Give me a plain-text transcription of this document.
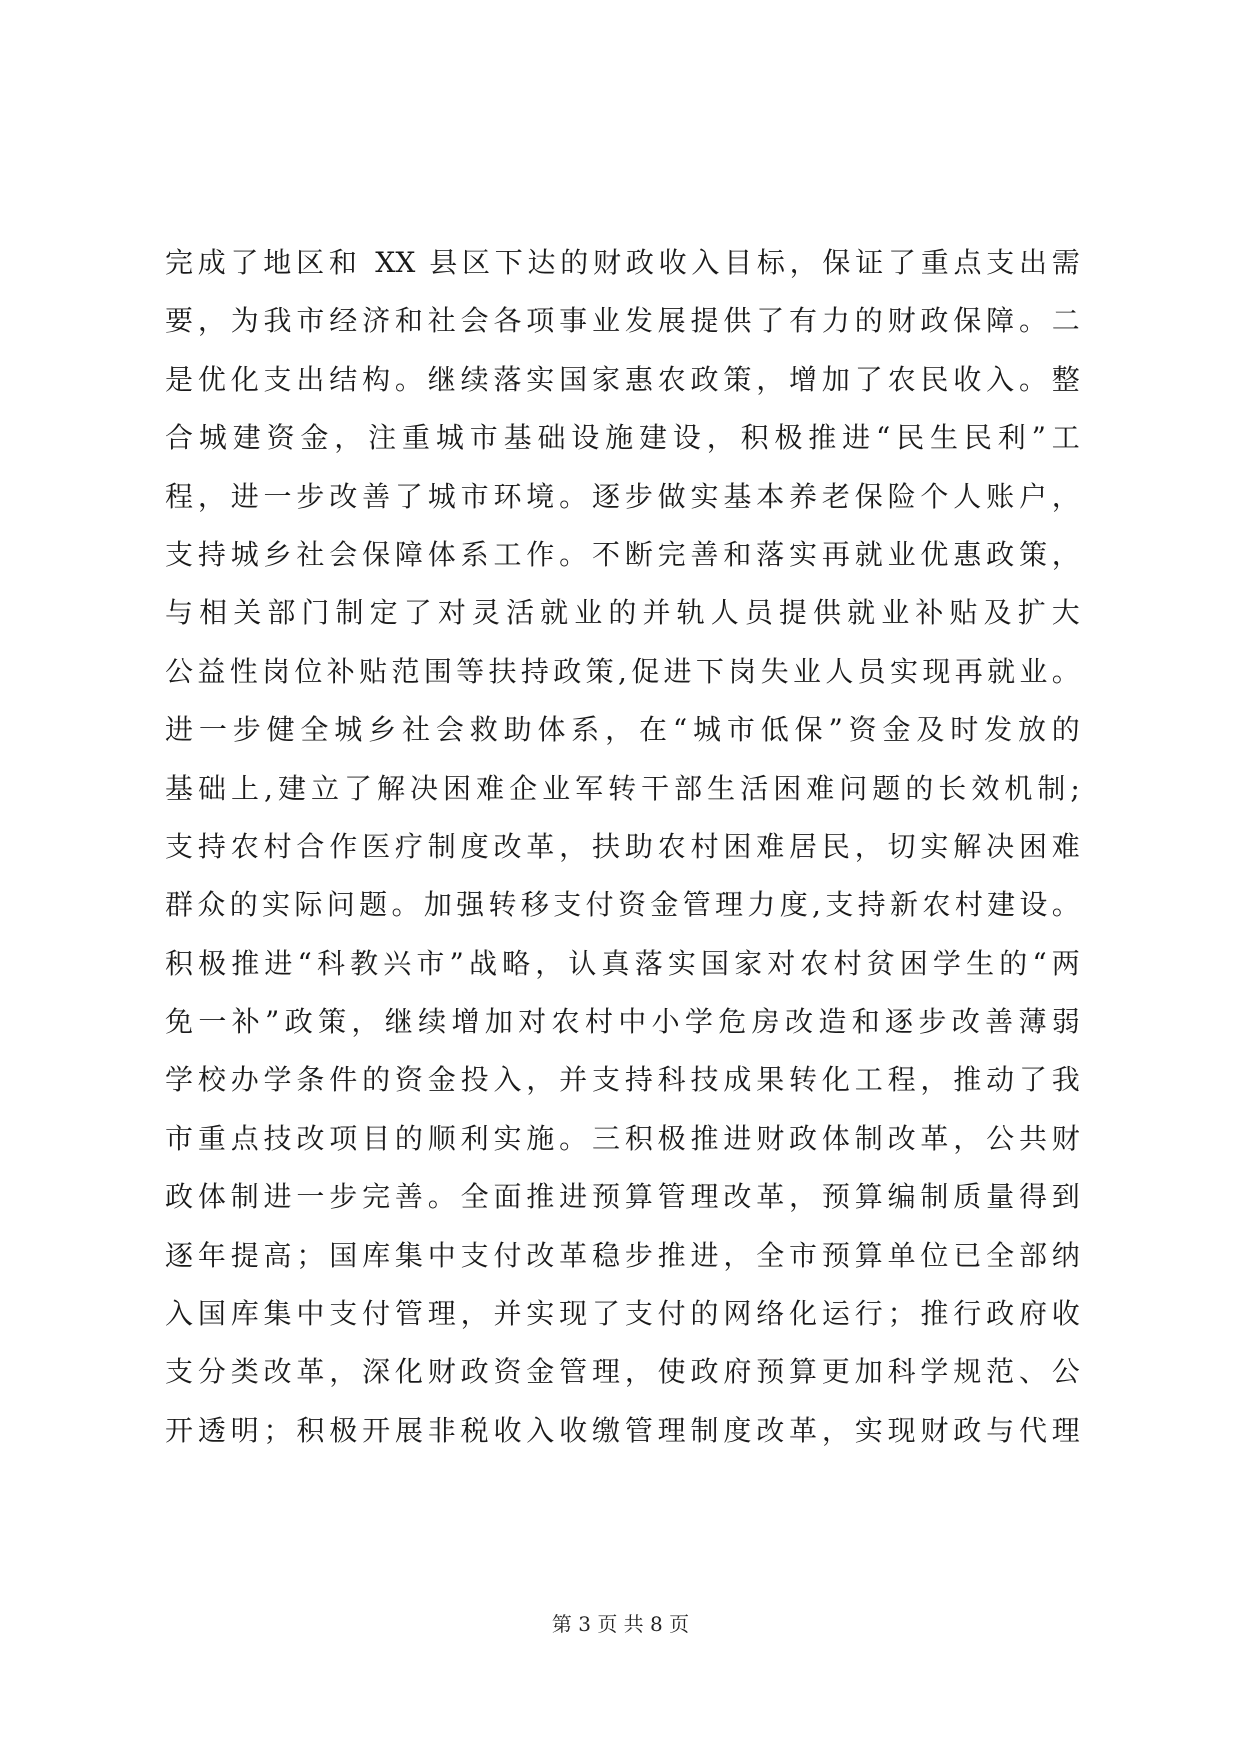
完成了地区和 XX 县区下达的财政收入目标，保证了重点支出需
要，为我市经济和社会各项事业发展提供了有力的财政保障。二
是优化支出结构。继续落实国家惠农政策，增加了农民收入。整
合城建资金，注重城市基础设施建设，积极推进“民生民利”工
程，进一步改善了城市环境。逐步做实基本养老保险个人账户，
支持城乡社会保障体系工作。不断完善和落实再就业优惠政策，
与相关部门制定了对灵活就业的并轨人员提供就业补贴及扩大
公益性岗位补贴范围等扶持政策,促进下岗失业人员实现再就业。
进一步健全城乡社会救助体系，在“城市低保”资金及时发放的
基础上,建立了解决困难企业军转干部生活困难问题的长效机制;
支持农村合作医疗制度改革，扶助农村困难居民，切实解决困难
群众的实际问题。加强转移支付资金管理力度,支持新农村建设。
积极推进“科教兴市”战略，认真落实国家对农村贫困学生的“两
免一补”政策，继续增加对农村中小学危房改造和逐步改善薄弱
学校办学条件的资金投入，并支持科技成果转化工程，推动了我
市重点技改项目的顺利实施。三积极推进财政体制改革，公共财
政体制进一步完善。全面推进预算管理改革，预算编制质量得到
逐年提高；国库集中支付改革稳步推进，全市预算单位已全部纳
入国库集中支付管理，并实现了支付的网络化运行；推行政府收
支分类改革，深化财政资金管理，使政府预算更加科学规范、公
开透明；积极开展非税收入收缴管理制度改革，实现财政与代理
第 3 页 共 8 页
